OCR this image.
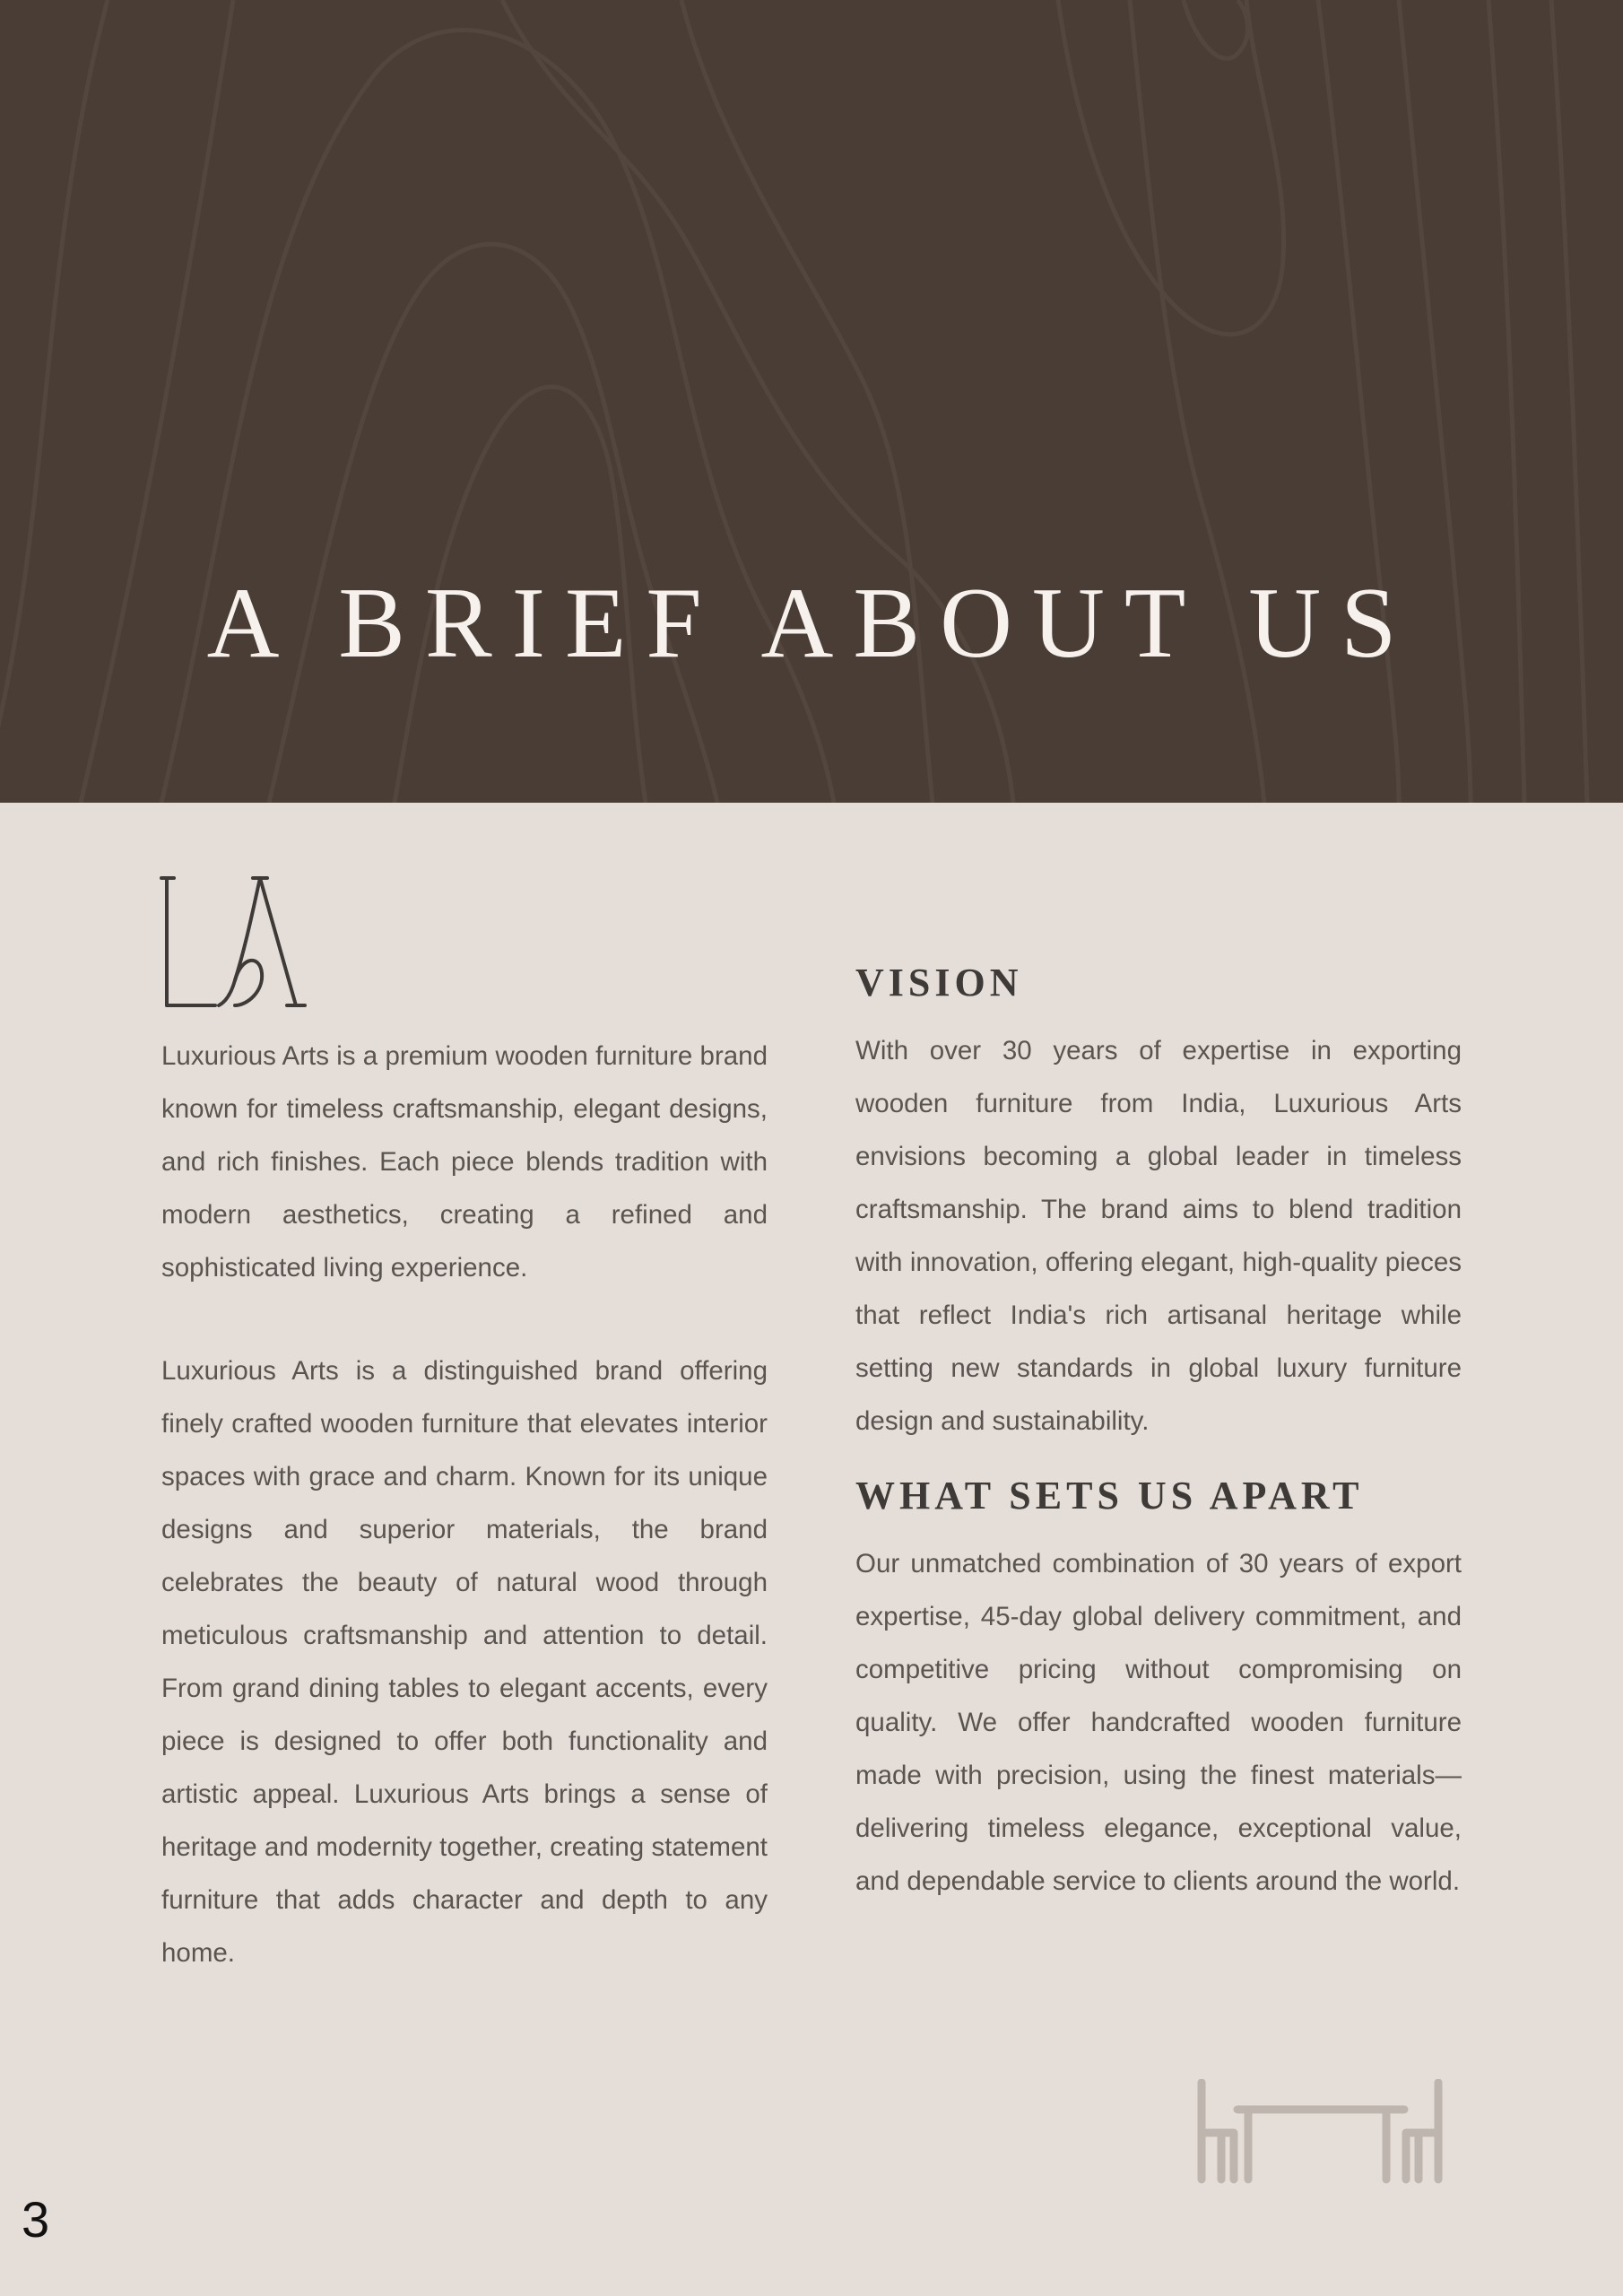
A BRIEF ABOUT US

Luxurious Arts is a premium wooden furniture brand known for timeless craftsmanship, elegant designs, and rich finishes. Each piece blends tradition with modern aesthetics, creating a refined and sophisticated living experience.

Luxurious Arts is a distinguished brand offering finely crafted wooden furniture that elevates interior spaces with grace and charm. Known for its unique designs and superior materials, the brand celebrates the beauty of natural wood through meticulous craftsmanship and attention to detail. From grand dining tables to elegant accents, every piece is designed to offer both functionality and artistic appeal. Luxurious Arts brings a sense of heritage and modernity together, creating statement furniture that adds character and depth to any home.

VISION

With over 30 years of expertise in exporting wooden furniture from India, Luxurious Arts envisions becoming a global leader in timeless craftsmanship. The brand aims to blend tradition with innovation, offering elegant, high-quality pieces that reflect India's rich artisanal heritage while setting new standards in global luxury furniture design and sustainability.

WHAT SETS US APART

Our unmatched combination of 30 years of export expertise, 45-day global delivery commitment, and competitive pricing without compromising on quality. We offer handcrafted wooden furniture made with precision, using the finest materials—delivering timeless elegance, exceptional value, and dependable service to clients around the world.

3
